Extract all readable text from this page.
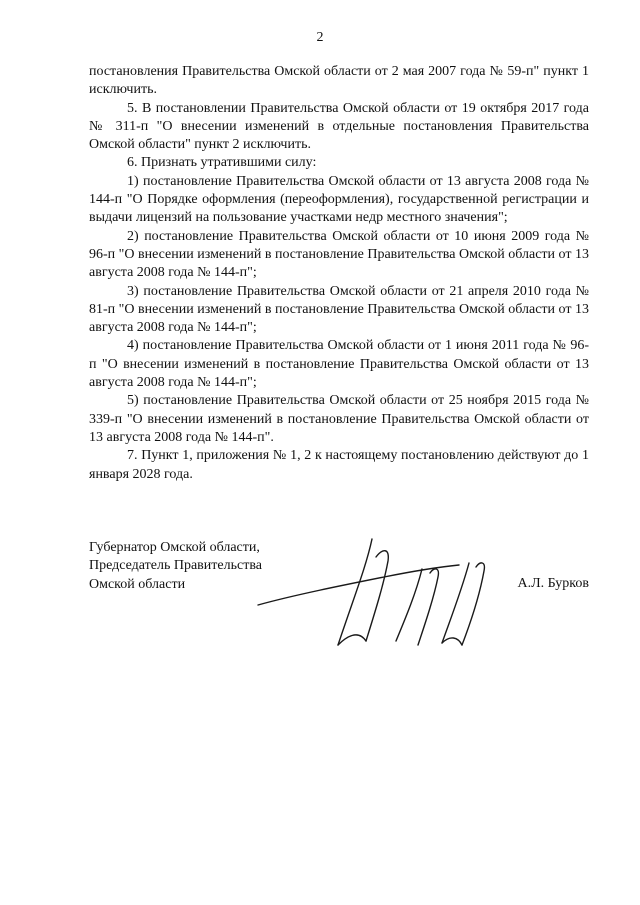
2

постановления Правительства Омской области от 2 мая 2007 года № 59-п" пункт 1 исключить.

5. В постановлении Правительства Омской области от 19 октября 2017 года № 311-п "О внесении изменений в отдельные постановления Правительства Омской области" пункт 2 исключить.

6. Признать утратившими силу:

1) постановление Правительства Омской области от 13 августа 2008 года № 144-п "О Порядке оформления (переоформления), государственной регистрации и выдачи лицензий на пользование участками недр местного значения";

2) постановление Правительства Омской области от 10 июня 2009 года № 96-п "О внесении изменений в постановление Правительства Омской области от 13 августа 2008 года № 144-п";

3) постановление Правительства Омской области от 21 апреля 2010 года № 81-п "О внесении изменений в постановление Правительства Омской области от 13 августа 2008 года № 144-п";

4) постановление Правительства Омской области от 1 июня 2011 года № 96-п "О внесении изменений в постановление Правительства Омской области от 13 августа 2008 года № 144-п";

5) постановление Правительства Омской области от 25 ноября 2015 года № 339-п "О внесении изменений в постановление Правительства Омской области от 13 августа 2008 года № 144-п".

7. Пункт 1, приложения № 1, 2 к настоящему постановлению действуют до 1 января 2028 года.

Губернатор Омской области,
Председатель Правительства
Омской области	А.Л. Бурков
